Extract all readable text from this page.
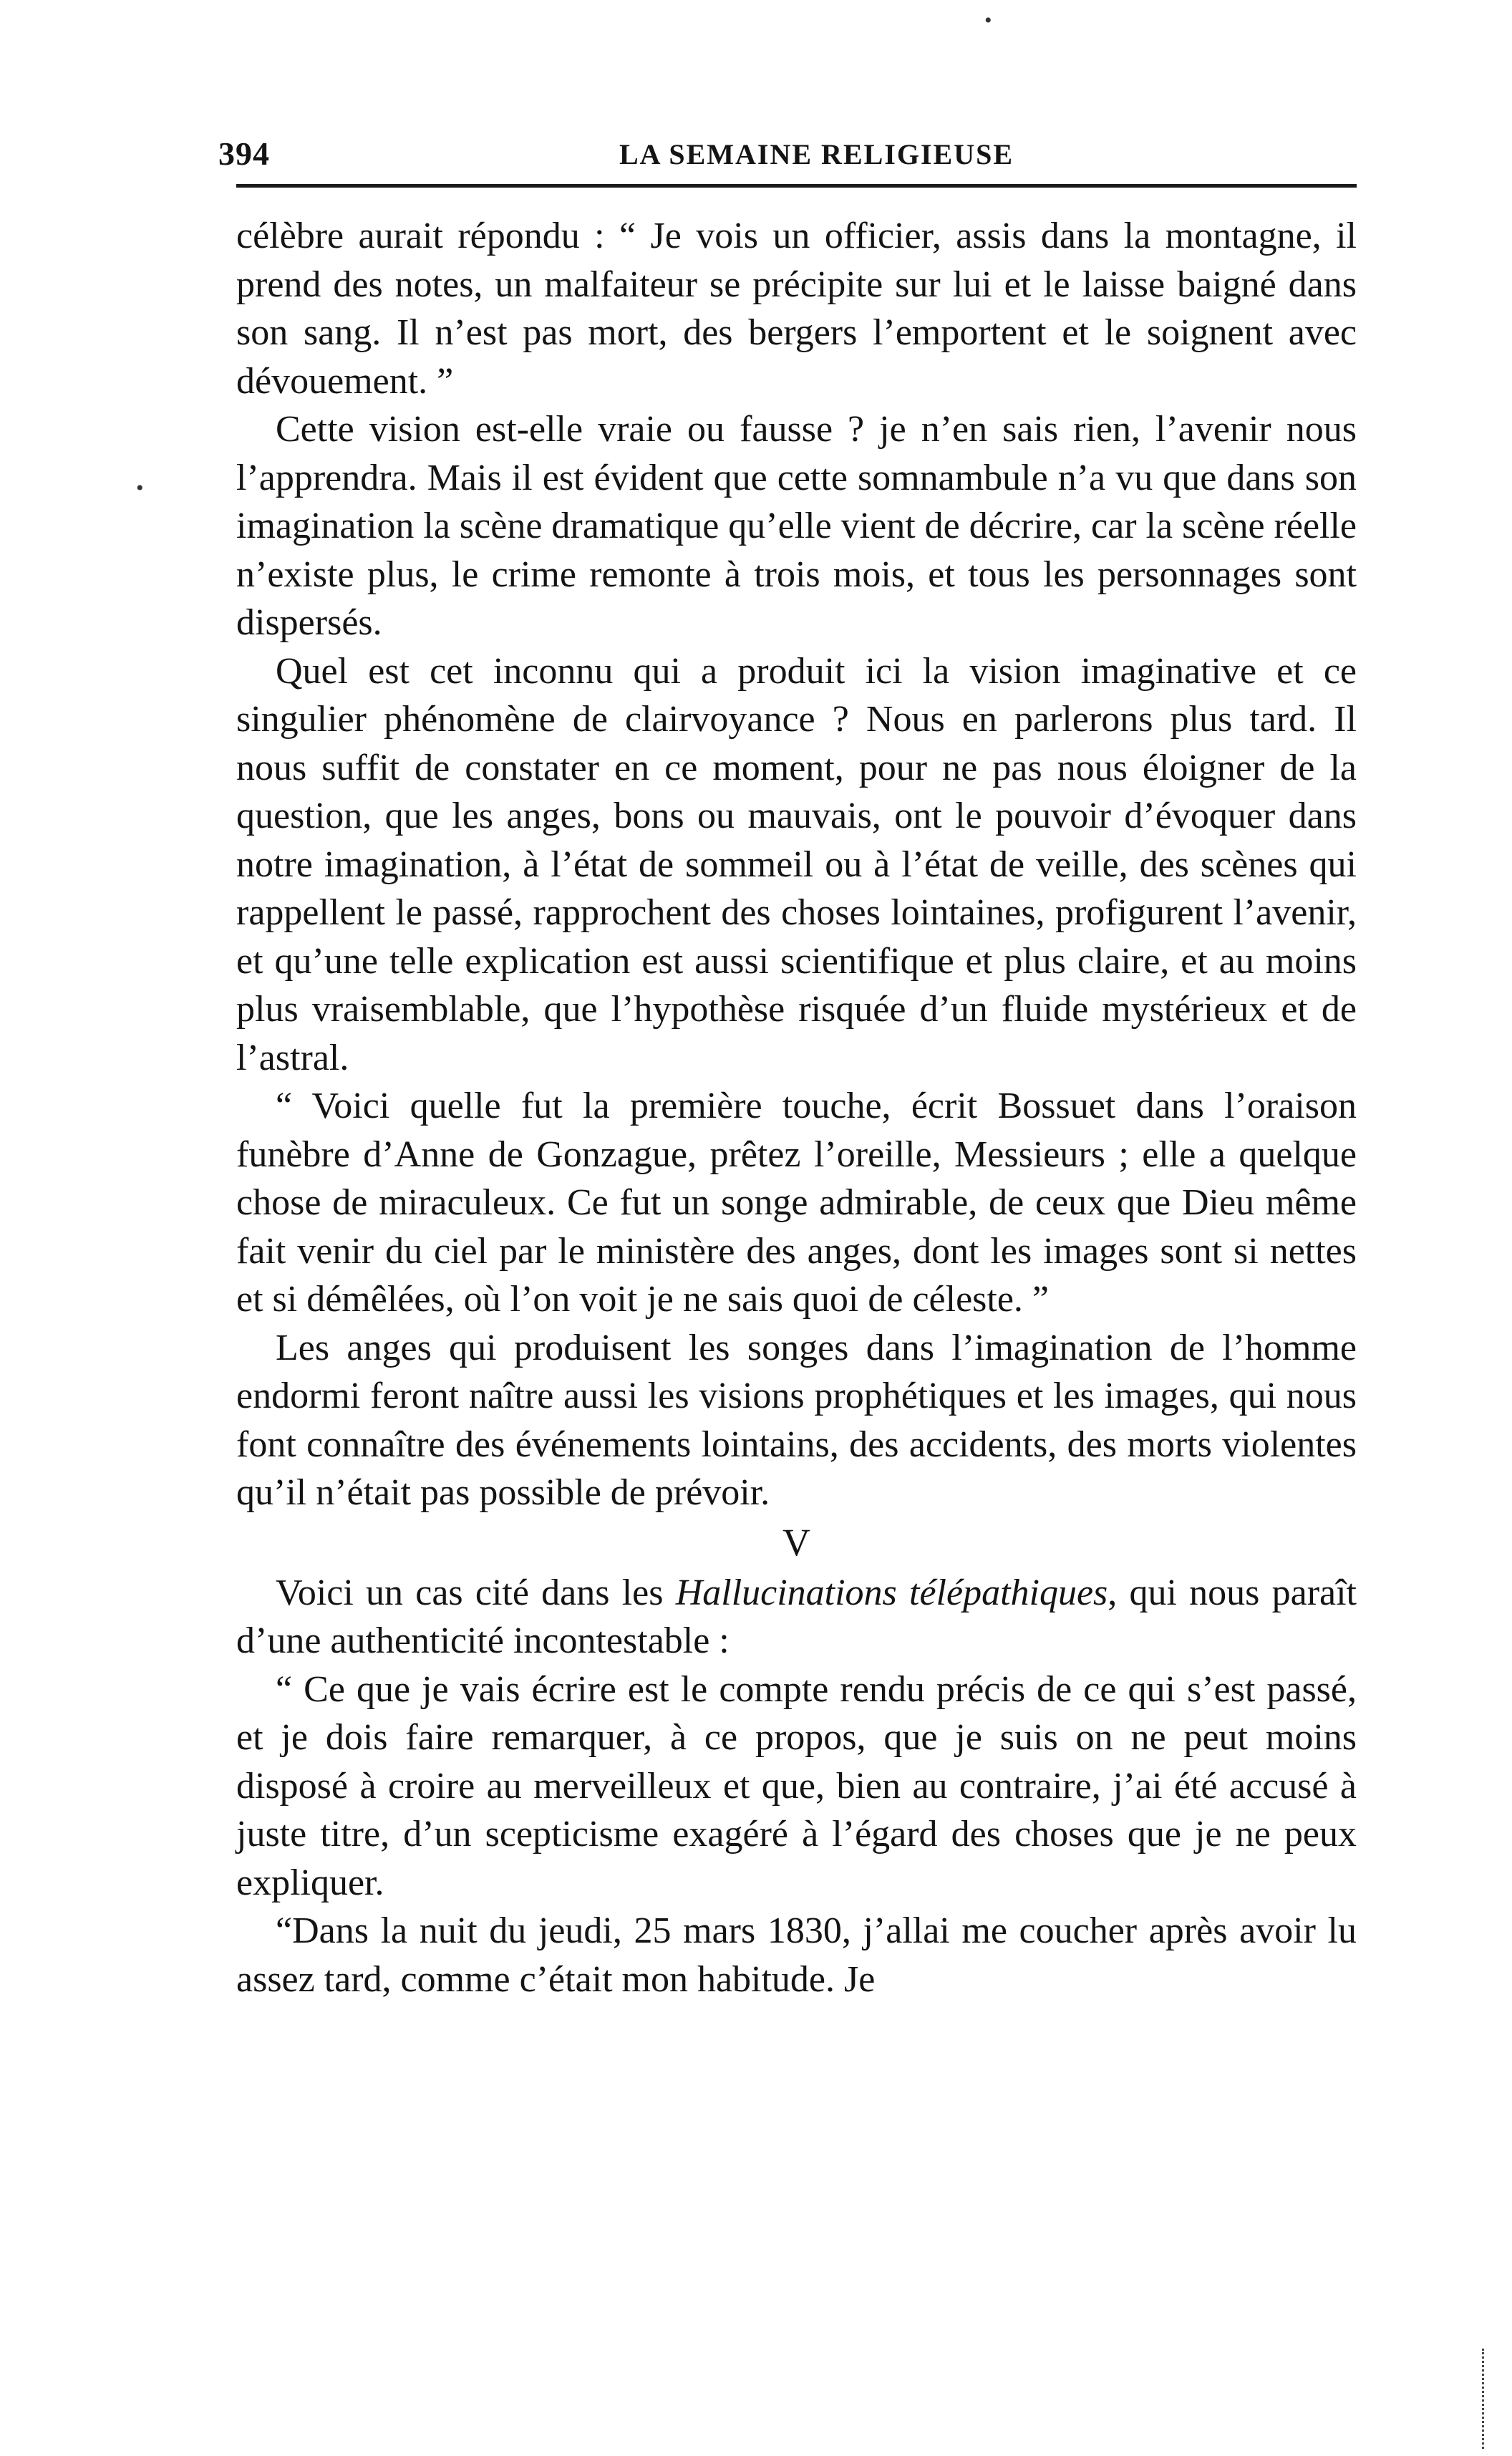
394	LA SEMAINE RELIGIEUSE

célèbre aurait répondu : “ Je vois un officier, assis dans la montagne, il prend des notes, un malfaiteur se précipite sur lui et le laisse baigné dans son sang. Il n’est pas mort, des bergers l’emportent et le soignent avec dévouement. ”

Cette vision est-elle vraie ou fausse ? je n’en sais rien, l’avenir nous l’apprendra. Mais il est évident que cette somnambule n’a vu que dans son imagination la scène dramatique qu’elle vient de décrire, car la scène réelle n’existe plus, le crime remonte à trois mois, et tous les personnages sont dispersés.

Quel est cet inconnu qui a produit ici la vision imaginative et ce singulier phénomène de clairvoyance ? Nous en parlerons plus tard. Il nous suffit de constater en ce moment, pour ne pas nous éloigner de la question, que les anges, bons ou mauvais, ont le pouvoir d’évoquer dans notre imagination, à l’état de sommeil ou à l’état de veille, des scènes qui rappellent le passé, rapprochent des choses lointaines, profigurent l’avenir, et qu’une telle explication est aussi scientifique et plus claire, et au moins plus vraisemblable, que l’hypothèse risquée d’un fluide mystérieux et de l’astral.

“ Voici quelle fut la première touche, écrit Bossuet dans l’oraison funèbre d’Anne de Gonzague, prêtez l’oreille, Messieurs ; elle a quelque chose de miraculeux. Ce fut un songe admirable, de ceux que Dieu même fait venir du ciel par le ministère des anges, dont les images sont si nettes et si démêlées, où l’on voit je ne sais quoi de céleste. ”

Les anges qui produisent les songes dans l’imagination de l’homme endormi feront naître aussi les visions prophétiques et les images, qui nous font connaître des événements lointains, des accidents, des morts violentes qu’il n’était pas possible de prévoir.

V

Voici un cas cité dans les Hallucinations télépathiques, qui nous paraît d’une authenticité incontestable :

“ Ce que je vais écrire est le compte rendu précis de ce qui s’est passé, et je dois faire remarquer, à ce propos, que je suis on ne peut moins disposé à croire au merveilleux et que, bien au contraire, j’ai été accusé à juste titre, d’un scepticisme exagéré à l’égard des choses que je ne peux expliquer.

“Dans la nuit du jeudi, 25 mars 1830, j’allai me coucher après avoir lu assez tard, comme c’était mon habitude. Je

•
•
